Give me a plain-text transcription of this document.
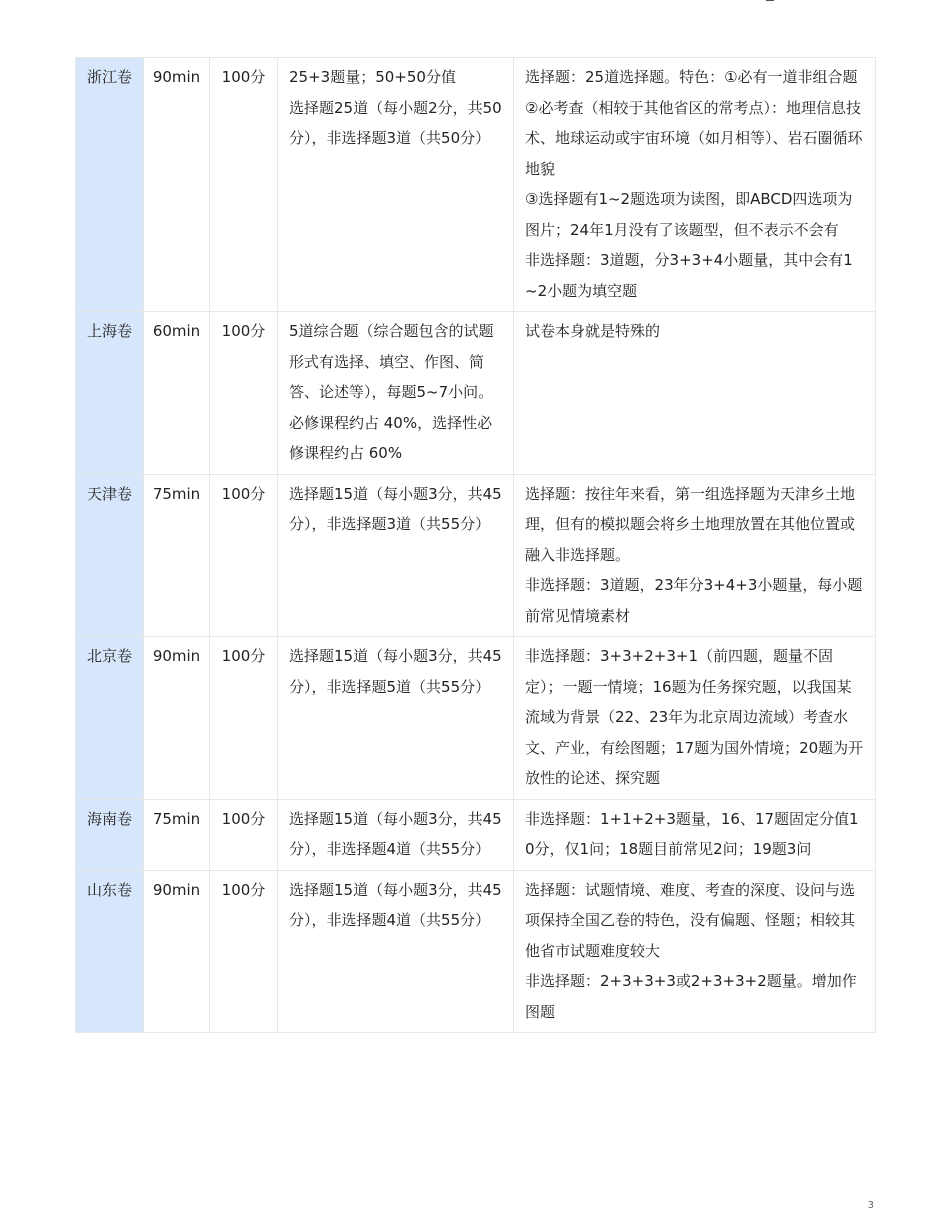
浙江卷	90min	100分	25+3题量；50+50分值
选择题25道（每小题2分，共50分），非选择题3道（共50分）	选择题：25道选择题。特色：①必有一道非组合题
②必考查（相较于其他省区的常考点）：地理信息技术、地球运动或宇宙环境（如月相等）、岩石圈循环地貌
③选择题有1~2题选项为读图，即ABCD四选项为图片；24年1月没有了该题型，但不表示不会有
非选择题：3道题，分3+3+4小题量，其中会有1~2小题为填空题

上海卷	60min	100分	5道综合题（综合题包含的试题形式有选择、填空、作图、简答、论述等），每题5~7小问。必修课程约占 40%，选择性必修课程约占 60%	试卷本身就是特殊的

天津卷	75min	100分	选择题15道（每小题3分，共45分），非选择题3道（共55分）	选择题：按往年来看，第一组选择题为天津乡土地理，但有的模拟题会将乡土地理放置在其他位置或融入非选择题。
非选择题：3道题，23年分3+4+3小题量，每小题前常见情境素材

北京卷	90min	100分	选择题15道（每小题3分，共45分），非选择题5道（共55分）	非选择题：3+3+2+3+1（前四题，题量不固定）；一题一情境；16题为任务探究题，以我国某流域为背景（22、23年为北京周边流域）考查水文、产业，有绘图题；17题为国外情境；20题为开放性的论述、探究题

海南卷	75min	100分	选择题15道（每小题3分，共45分），非选择题4道（共55分）	非选择题：1+1+2+3题量，16、17题固定分值10分，仅1问；18题目前常见2问；19题3问

山东卷	90min	100分	选择题15道（每小题3分，共45分），非选择题4道（共55分）	选择题：试题情境、难度、考查的深度、设问与选项保持全国乙卷的特色，没有偏题、怪题；相较其他省市试题难度较大
非选择题：2+3+3+3或2+3+3+2题量。增加作图题
3
